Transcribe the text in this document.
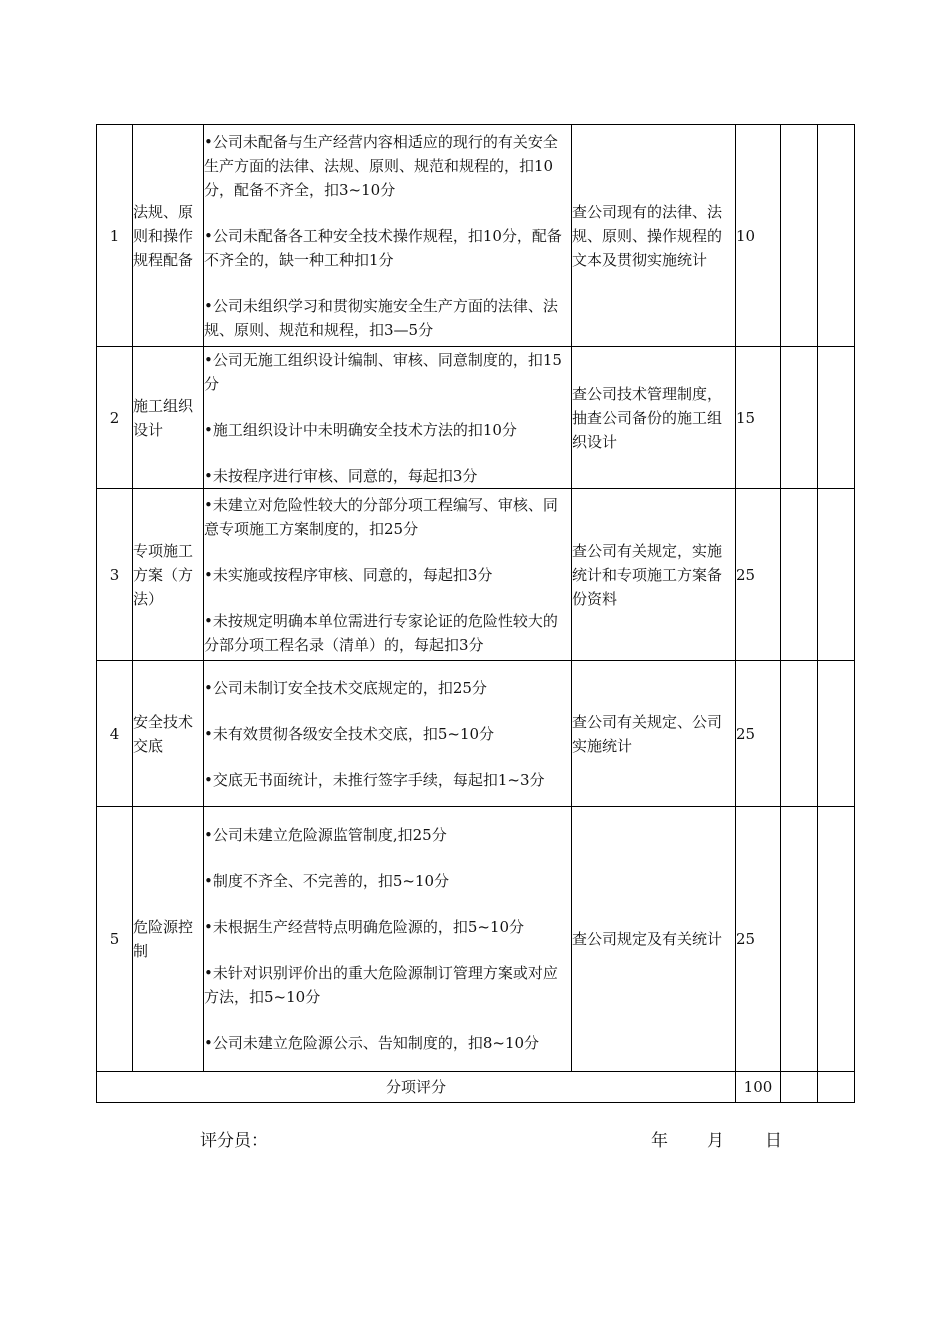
1	法规、原则和操作规程配备	•公司未配备与生产经营内容相适应的现行的有关安全生产方面的法律、法规、原则、规范和规程的，扣10分，配备不齐全，扣3~10分
•公司未配备各工种安全技术操作规程，扣10分，配备不齐全的，缺一种工种扣1分
•公司未组织学习和贯彻实施安全生产方面的法律、法规、原则、规范和规程，扣3—5分	查公司现有的法律、法规、原则、操作规程的文本及贯彻实施统计	10		
2	施工组织设计	•公司无施工组织设计编制、审核、同意制度的，扣15分
•施工组织设计中未明确安全技术方法的扣10分
•未按程序进行审核、同意的，每起扣3分	查公司技术管理制度，抽查公司备份的施工组织设计	15		
3	专项施工方案（方法）	•未建立对危险性较大的分部分项工程编写、审核、同意专项施工方案制度的，扣25分
•未实施或按程序审核、同意的，每起扣3分
•未按规定明确本单位需进行专家论证的危险性较大的分部分项工程名录（清单）的，每起扣3分	查公司有关规定，实施统计和专项施工方案备份资料	25		
4	安全技术交底	•公司未制订安全技术交底规定的，扣25分
•未有效贯彻各级安全技术交底，扣5~10分
•交底无书面统计，未推行签字手续，每起扣1~3分	查公司有关规定、公司实施统计	25		
5	危险源控制	•公司未建立危险源监管制度,扣25分
•制度不齐全、不完善的，扣5~10分
•未根据生产经营特点明确危险源的，扣5~10分
•未针对识别评价出的重大危险源制订管理方案或对应方法，扣5~10分
•公司未建立危险源公示、告知制度的，扣8~10分	查公司规定及有关统计	25		
分项评分				100		
评分员：	年 月 日
